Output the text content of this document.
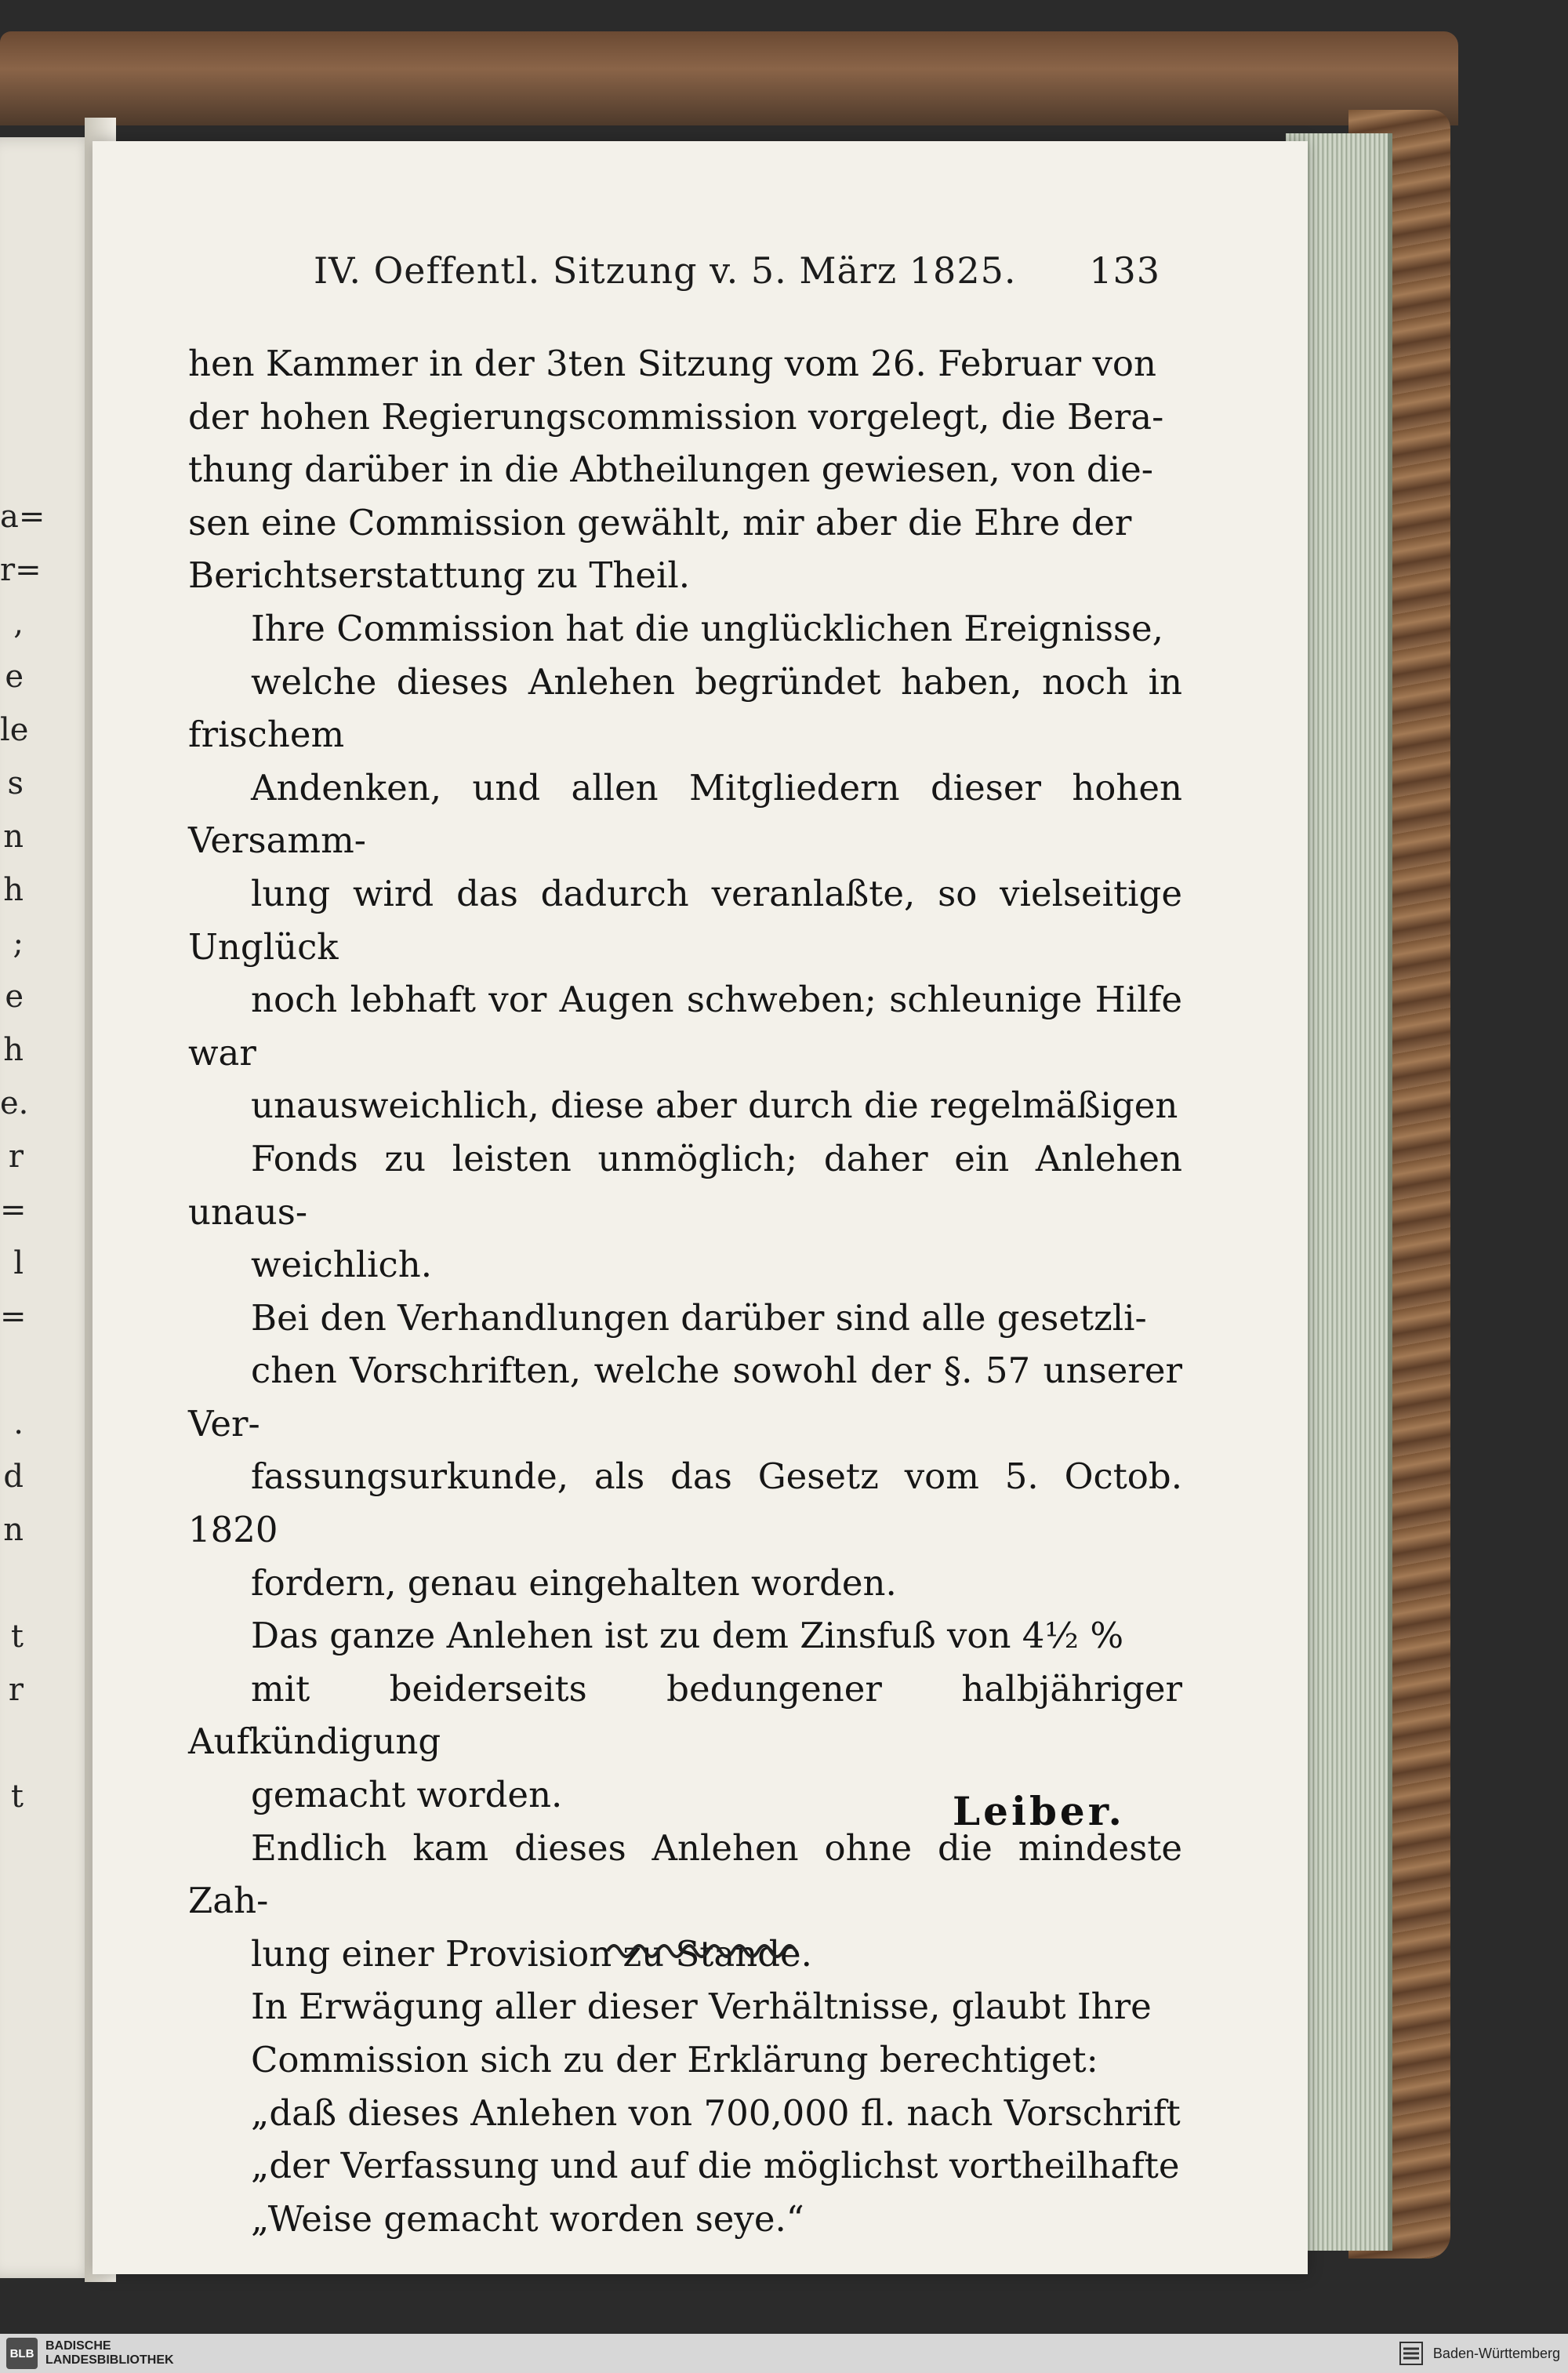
a=
r=
,
e
le
s
n
h
;
e
h
e.
r
=
l
=

.
d
n

t
r

t

IV. Oeffentl. Sitzung v. 5. März 1825. 133

hen Kammer in der 3ten Sitzung vom 26. Februar von
der hohen Regierungscommission vorgelegt, die Bera-
thung darüber in die Abtheilungen gewiesen, von die-
sen eine Commission gewählt, mir aber die Ehre der
Berichtserstattung zu Theil.

Ihre Commission hat die unglücklichen Ereignisse,
welche dieses Anlehen begründet haben, noch in frischem
Andenken, und allen Mitgliedern dieser hohen Versamm-
lung wird das dadurch veranlaßte, so vielseitige Unglück
noch lebhaft vor Augen schweben; schleunige Hilfe war
unausweichlich, diese aber durch die regelmäßigen
Fonds zu leisten unmöglich; daher ein Anlehen unaus-
weichlich.

Bei den Verhandlungen darüber sind alle gesetzli-
chen Vorschriften, welche sowohl der §. 57 unserer Ver-
fassungsurkunde, als das Gesetz vom 5. Octob. 1820
fordern, genau eingehalten worden.

Das ganze Anlehen ist zu dem Zinsfuß von 4½ %
mit beiderseits bedungener halbjähriger Aufkündigung
gemacht worden.

Endlich kam dieses Anlehen ohne die mindeste Zah-
lung einer Provision zu Stande.

In Erwägung aller dieser Verhältnisse, glaubt Ihre
Commission sich zu der Erklärung berechtiget:

„daß dieses Anlehen von 700,000 fl. nach Vorschrift
„der Verfassung und auf die möglichst vortheilhafte
„Weise gemacht worden seye.“

Leiber.
BLB
BADISCHE
LANDESBIBLIOTHEK	Baden-Württemberg
